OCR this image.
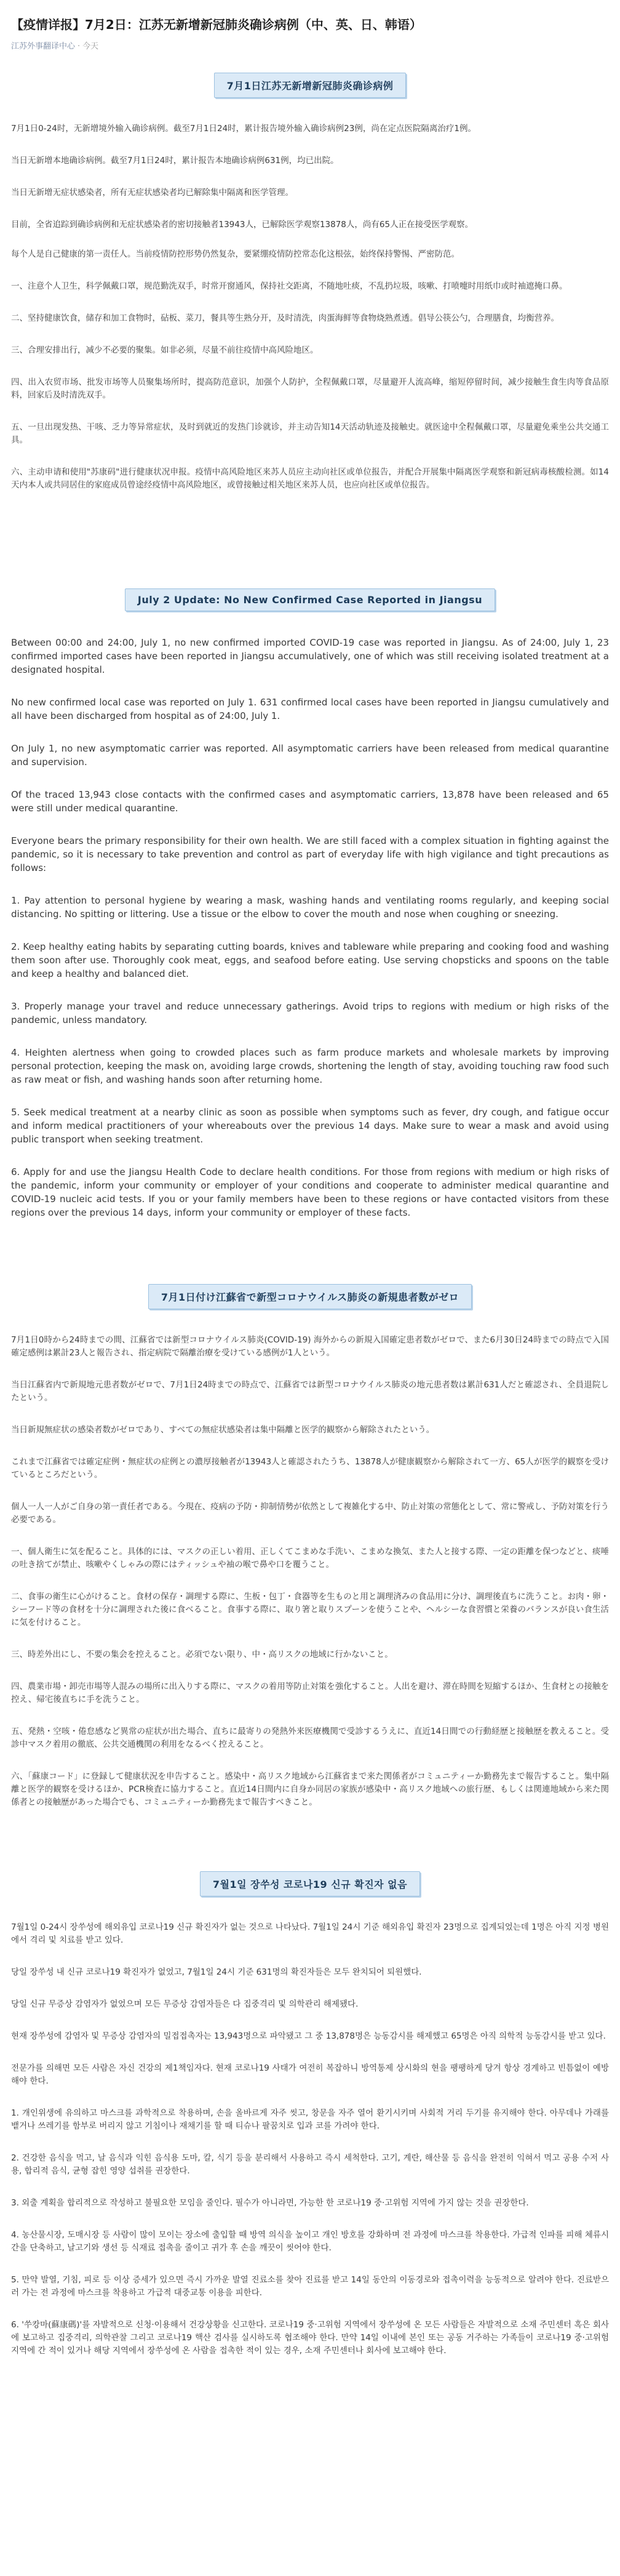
【疫情详报】7月2日：江苏无新增新冠肺炎确诊病例（中、英、日、韩语）
江苏外事翻译中心 · 今天
7月1日江苏无新增新冠肺炎确诊病例

7月1日0-24时，无新增境外输入确诊病例。截至7月1日24时，累计报告境外输入确诊病例23例，尚在定点医院隔离治疗1例。

当日无新增本地确诊病例。截至7月1日24时，累计报告本地确诊病例631例，均已出院。

当日无新增无症状感染者，所有无症状感染者均已解除集中隔离和医学管理。

目前，全省追踪到确诊病例和无症状感染者的密切接触者13943人，已解除医学观察13878人，尚有65人正在接受医学观察。

每个人是自己健康的第一责任人。当前疫情防控形势仍然复杂，要紧绷疫情防控常态化这根弦，始终保持警惕、严密防范。

一、注意个人卫生，科学佩戴口罩，规范勤洗双手，时常开窗通风，保持社交距离，不随地吐痰，不乱扔垃圾，咳嗽、打喷嚏时用纸巾或时袖遮掩口鼻。

二、坚持健康饮食，储存和加工食物时，砧板、菜刀，餐具等生熟分开，及时清洗，肉蛋海鲜等食物烧熟煮透。倡导公筷公勺，合理膳食，均衡营养。

三、合理安排出行，减少不必要的聚集。如非必须，尽量不前往疫情中高风险地区。

四、出入农贸市场、批发市场等人员聚集场所时，提高防范意识，加强个人防护，全程佩戴口罩，尽量避开人流高峰，缩短停留时间，减少接触生食生肉等食品原料，回家后及时清洗双手。

五、一旦出现发热、干咳、乏力等异常症状，及时到就近的发热门诊就诊，并主动告知14天活动轨迹及接触史。就医途中全程佩戴口罩，尽量避免乘坐公共交通工具。

六、主动申请和使用"苏康码"进行健康状况申报。疫情中高风险地区来苏人员应主动向社区或单位报告，并配合开展集中隔离医学观察和新冠病毒核酸检测。如14天内本人或共同居住的家庭成员曾途经疫情中高风险地区，或曾接触过相关地区来苏人员，也应向社区或单位报告。

July 2 Update: No New Confirmed Case Reported in Jiangsu

Between 00:00 and 24:00, July 1, no new confirmed imported COVID-19 case was reported in Jiangsu. As of 24:00, July 1, 23 confirmed imported cases have been reported in Jiangsu accumulatively, one of which was still receiving isolated treatment at a designated hospital.

No new confirmed local case was reported on July 1. 631 confirmed local cases have been reported in Jiangsu cumulatively and all have been discharged from hospital as of 24:00, July 1.

On July 1, no new asymptomatic carrier was reported. All asymptomatic carriers have been released from medical quarantine and supervision.

Of the traced 13,943 close contacts with the confirmed cases and asymptomatic carriers, 13,878 have been released and 65 were still under medical quarantine.

Everyone bears the primary responsibility for their own health. We are still faced with a complex situation in fighting against the pandemic, so it is necessary to take prevention and control as part of everyday life with high vigilance and tight precautions as follows:

1. Pay attention to personal hygiene by wearing a mask, washing hands and ventilating rooms regularly, and keeping social distancing. No spitting or littering. Use a tissue or the elbow to cover the mouth and nose when coughing or sneezing.

2. Keep healthy eating habits by separating cutting boards, knives and tableware while preparing and cooking food and washing them soon after use. Thoroughly cook meat, eggs, and seafood before eating. Use serving chopsticks and spoons on the table and keep a healthy and balanced diet.

3. Properly manage your travel and reduce unnecessary gatherings. Avoid trips to regions with medium or high risks of the pandemic, unless mandatory.

4. Heighten alertness when going to crowded places such as farm produce markets and wholesale markets by improving personal protection, keeping the mask on, avoiding large crowds, shortening the length of stay, avoiding touching raw food such as raw meat or fish, and washing hands soon after returning home.

5. Seek medical treatment at a nearby clinic as soon as possible when symptoms such as fever, dry cough, and fatigue occur and inform medical practitioners of your whereabouts over the previous 14 days. Make sure to wear a mask and avoid using public transport when seeking treatment.

6. Apply for and use the Jiangsu Health Code to declare health conditions. For those from regions with medium or high risks of the pandemic, inform your community or employer of your conditions and cooperate to administer medical quarantine and COVID-19 nucleic acid tests. If you or your family members have been to these regions or have contacted visitors from these regions over the previous 14 days, inform your community or employer of these facts.

7月1日付け江蘇省で新型コロナウイルス肺炎の新規患者数がゼロ

7月1日0時から24時までの間、江蘇省では新型コロナウイルス肺炎(COVID-19) 海外からの新規入国確定患者数がゼロで、また6月30日24時までの時点で入国確定感例は累計23人と報告され、指定病院で隔離治療を受けている感例が1人という。

当日江蘇省内で新規地元患者数がゼロで、7月1日24時までの時点で、江蘇省では新型コロナウイルス肺炎の地元患者数は累計631人だと確認され、全員退院したという。

当日新規無症状の感染者数がゼロであり、すべての無症状感染者は集中隔離と医学的観察から解除されたという。

これまで江蘇省では確定症例・無症状の症例との濃厚接触者が13943人と確認されたうち、13878人が健康観察から解除されて一方、65人が医学的観察を受けているところだという。

個人一人一人がご自身の第一責任者である。今現在、疫病の予防・抑制情勢が依然として複雑化する中、防止対策の常態化として、常に警戒し、予防対策を行う必要である。

一、個人衛生に気を配ること。具体的には、マスクの正しい着用、正しくてこまめな手洗い、こまめな換気、また人と接する際、一定の距離を保つなどと、痰唾の吐き捨てが禁止、咳嗽やくしゃみの際にはティッシュや袖の喉で鼻や口を覆うこと。

二、食事の衛生に心がけること。食材の保存・調理する際に、生板・包丁・食器等を生ものと用と調理済みの食品用に分け、調理後直ちに洗うこと。お肉・卵・シーフード等の食材を十分に調理された後に食べること。食事する際に、取り箸と取りスプーンを使うことや、ヘルシーな食習慣と栄養のバランスが良い食生活に気を付けること。

三、時差外出にし、不要の集会を控えること。必須でない限り、中・高リスクの地域に行かないこと。

四、農業市場・卸売市場等人混みの場所に出入りする際に、マスクの着用等防止対策を強化すること。人出を避け、滞在時間を短縮するほか、生食材との接触を控え、帰宅後直ちに手を洗うこと。

五、発熱・空咳・倦怠感など異常の症状が出た場合、直ちに最寄りの発熱外来医療機関で受診するうえに、直近14日間での行動経歴と接触歴を教えること。受診中マスク着用の徹底、公共交通機関の利用をなるべく控えること。

六、「蘇康コード」に登録して健康状況を申告すること。感染中・高リスク地域から江蘇省まで来た関係者がコミュニティーか勤務先まで報告すること。集中隔離と医学的観察を受けるほか、PCR検査に協力すること。直近14日間内に自身か同居の家族が感染中・高リスク地域への旅行歴、もしくは関連地域から来た関係者との接触歴があった場合でも、コミュニティーか勤務先まで報告すべきこと。

7월1일 장쑤성 코로나19 신규 확진자 없음

7월1일 0-24시 장쑤성에 해외유입 코로나19 신규 확진자가 없는 것으로 나타났다. 7월1일 24시 기준 해외유입 확진자 23명으로 집계되었는데 1명은 아직 지정 병원에서 격리 및 치료를 받고 있다.

당일 장쑤성 내 신규 코로나19 확진자가 없었고, 7월1일 24시 기준 631명의 확진자들은 모두 완치되어 퇴원했다.

당일 신규 무증상 감염자가 없었으며 모든 무증상 감염자들은 다 집중격리 및 의학관리 해제됐다.

현재 장쑤성에 감염자 및 무증상 감염자의 밀접접촉자는 13,943명으로 파악됐고 그 중 13,878명은 능동감시를 해제했고 65명은 아직 의학적 능동감시를 받고 있다.

전문가를 의해면 모든 사람은 자신 건강의 제1책임자다. 현재 코로나19 사태가 여전히 복잡하니 방역통제 상시화의 현을 팽팽하게 당겨 항상 경계하고 빈틈없이 예방해야 한다.

1. 개인위생에 유의하고 마스크를 과학적으로 착용하며, 손을 올바르게 자주 씻고, 창문을 자주 열어 환기시키며 사회적 거리 두기를 유지해야 한다. 아무데나 가래를 뱉거나 쓰레기를 함부로 버리지 않고 기침이나 재채기를 할 때 티슈나 팔꿈치로 입과 코를 가려야 한다.

2. 건강한 음식을 먹고, 날 음식과 익힌 음식용 도마, 칼, 식기 등을 분리해서 사용하고 즉시 세척한다. 고기, 계란, 해산물 등 음식을 완전히 익혀서 먹고 공용 수저 사용, 합리적 음식, 균형 잡힌 영양 섭취를 권장한다.

3. 외출 계획을 합리적으로 작성하고 불필요한 모임을 줄인다. 필수가 아니라면, 가능한 한 코로나19 중·고위험 지역에 가지 않는 것을 권장한다.

4. 농산물시장, 도매시장 등 사람이 많이 모이는 장소에 출입할 때 방역 의식을 높이고 개인 방호를 강화하며 전 과정에 마스크를 착용한다. 가급적 인파를 피해 체류시간을 단축하고, 날고기와 생선 등 식재료 접촉을 줄이고 귀가 후 손을 깨끗이 씻어야 한다.

5. 만약 발열, 기침, 피로 등 이상 증세가 있으면 즉시 가까운 발열 진료소를 찾아 진료를 받고 14일 동안의 이동경로와 접촉이력을 능동적으로 알려야 한다. 진료받으러 가는 전 과정에 마스크를 착용하고 가급적 대중교통 이용을 피한다.

6. '쑤캉마(蘇康碼)'를 자발적으로 신청·이용해서 건강상황을 신고한다. 코로나19 중·고위험 지역에서 장쑤성에 온 모든 사람들은 자발적으로 소재 주민센터 혹은 회사에 보고하고 집중격리, 의학관찰 그리고 코로나19 핵산 검사를 실시하도록 협조해야 한다. 만약 14일 이내에 본인 또는 공동 거주하는 가족들이 코로나19 중·고위험 지역에 간 적이 있거나 해당 지역에서 장쑤성에 온 사람을 접촉한 적이 있는 경우, 소재 주민센터나 회사에 보고해야 한다.
